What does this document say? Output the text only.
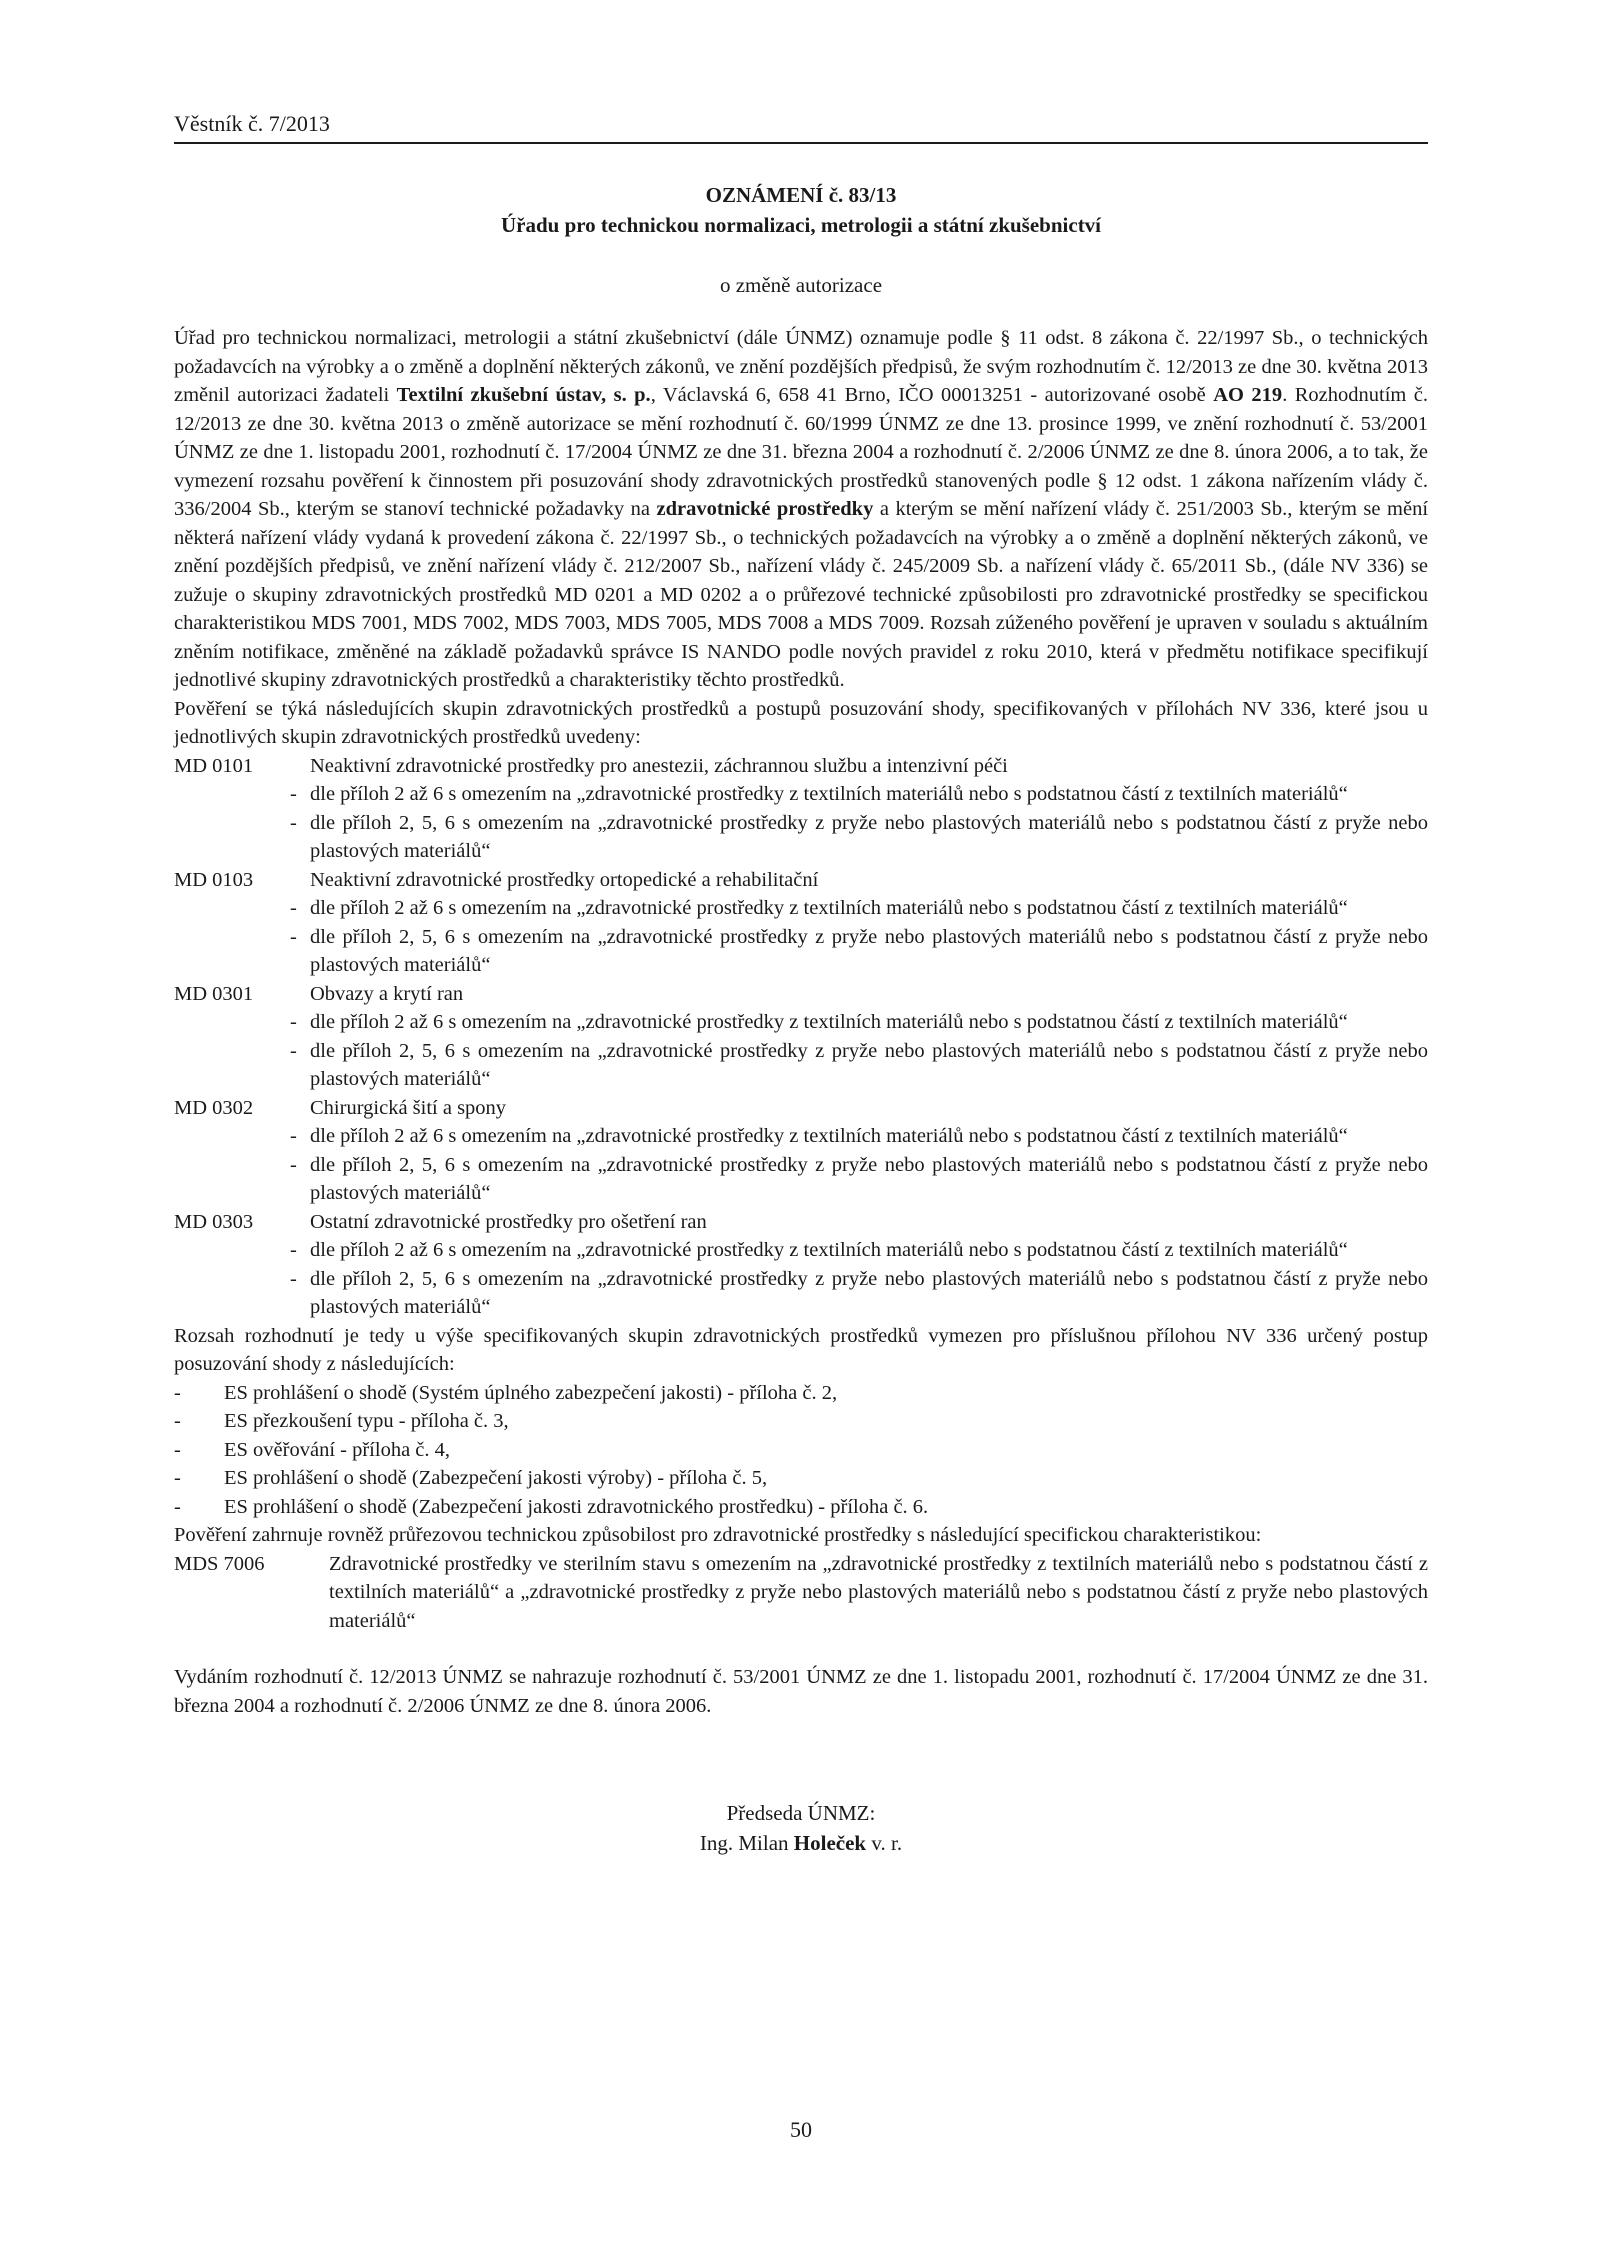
Věstník č. 7/2013
OZNÁMENÍ č. 83/13
Úřadu pro technickou normalizaci, metrologii a státní zkušebnictví
o změně autorizace

Úřad pro technickou normalizaci, metrologii a státní zkušebnictví (dále ÚNMZ) oznamuje podle § 11 odst. 8 zákona č. 22/1997 Sb., o technických požadavcích na výrobky a o změně a doplnění některých zákonů, ve znění pozdějších předpisů, že svým rozhodnutím č. 12/2013 ze dne 30. května 2013 změnil autorizaci žadateli Textilní zkušební ústav, s. p., Václavská 6, 658 41 Brno, IČO 00013251 - autorizované osobě AO 219. Rozhodnutím č. 12/2013 ze dne 30. května 2013 o změně autorizace se mění rozhodnutí č. 60/1999 ÚNMZ ze dne 13. prosince 1999, ve znění rozhodnutí č. 53/2001 ÚNMZ ze dne 1. listopadu 2001, rozhodnutí č. 17/2004 ÚNMZ ze dne 31. března 2004 a rozhodnutí č. 2/2006 ÚNMZ ze dne 8. února 2006, a to tak, že vymezení rozsahu pověření k činnostem při posuzování shody zdravotnických prostředků stanovených podle § 12 odst. 1 zákona nařízením vlády č. 336/2004 Sb., kterým se stanoví technické požadavky na zdravotnické prostředky a kterým se mění nařízení vlády č. 251/2003 Sb., kterým se mění některá nařízení vlády vydaná k provedení zákona č. 22/1997 Sb., o technických požadavcích na výrobky a o změně a doplnění některých zákonů, ve znění pozdějších předpisů, ve znění nařízení vlády č. 212/2007 Sb., nařízení vlády č. 245/2009 Sb. a nařízení vlády č. 65/2011 Sb., (dále NV 336) se zužuje o skupiny zdravotnických prostředků MD 0201 a MD 0202 a o průřezové technické způsobilosti pro zdravotnické prostředky se specifickou charakteristikou MDS 7001, MDS 7002, MDS 7003, MDS 7005, MDS 7008 a MDS 7009. Rozsah zúženého pověření je upraven v souladu s aktuálním zněním notifikace, změněné na základě požadavků správce IS NANDO podle nových pravidel z roku 2010, která v předmětu notifikace specifikují jednotlivé skupiny zdravotnických prostředků a charakteristiky těchto prostředků.

Pověření se týká následujících skupin zdravotnických prostředků a postupů posuzování shody, specifikovaných v přílohách NV 336, které jsou u jednotlivých skupin zdravotnických prostředků uvedeny:

MD 0101	Neaktivní zdravotnické prostředky pro anestezii, záchrannou službu a intenzivní péči
- dle příloh 2 až 6 s omezením na „zdravotnické prostředky z textilních materiálů nebo s podstatnou částí z textilních materiálů“
- dle příloh 2, 5, 6 s omezením na „zdravotnické prostředky z pryže nebo plastových materiálů nebo s podstatnou částí z pryže nebo plastových materiálů“
MD 0103	Neaktivní zdravotnické prostředky ortopedické a rehabilitační
- dle příloh 2 až 6 s omezením na „zdravotnické prostředky z textilních materiálů nebo s podstatnou částí z textilních materiálů“
- dle příloh 2, 5, 6 s omezením na „zdravotnické prostředky z pryže nebo plastových materiálů nebo s podstatnou částí z pryže nebo plastových materiálů“
MD 0301	Obvazy a krytí ran
- dle příloh 2 až 6 s omezením na „zdravotnické prostředky z textilních materiálů nebo s podstatnou částí z textilních materiálů“
- dle příloh 2, 5, 6 s omezením na „zdravotnické prostředky z pryže nebo plastových materiálů nebo s podstatnou částí z pryže nebo plastových materiálů“
MD 0302	Chirurgická šití a spony
- dle příloh 2 až 6 s omezením na „zdravotnické prostředky z textilních materiálů nebo s podstatnou částí z textilních materiálů“
- dle příloh 2, 5, 6 s omezením na „zdravotnické prostředky z pryže nebo plastových materiálů nebo s podstatnou částí z pryže nebo plastových materiálů“
MD 0303	Ostatní zdravotnické prostředky pro ošetření ran
- dle příloh 2 až 6 s omezením na „zdravotnické prostředky z textilních materiálů nebo s podstatnou částí z textilních materiálů“
- dle příloh 2, 5, 6 s omezením na „zdravotnické prostředky z pryže nebo plastových materiálů nebo s podstatnou částí z pryže nebo plastových materiálů“

Rozsah rozhodnutí je tedy u výše specifikovaných skupin zdravotnických prostředků vymezen pro příslušnou přílohou NV 336 určený postup posuzování shody z následujících:

-	ES prohlášení o shodě (Systém úplného zabezpečení jakosti) - příloha č. 2,
-	ES přezkoušení typu - příloha č. 3,
-	ES ověřování - příloha č. 4,
-	ES prohlášení o shodě (Zabezpečení jakosti výroby) - příloha č. 5,
-	ES prohlášení o shodě (Zabezpečení jakosti zdravotnického prostředku) - příloha č. 6.

Pověření zahrnuje rovněž průřezovou technickou způsobilost pro zdravotnické prostředky s následující specifickou charakteristikou:

MDS 7006	Zdravotnické prostředky ve sterilním stavu s omezením na „zdravotnické prostředky z textilních materiálů nebo s podstatnou částí z textilních materiálů“ a „zdravotnické prostředky z pryže nebo plastových materiálů nebo s podstatnou částí z pryže nebo plastových materiálů“

Vydáním rozhodnutí č. 12/2013 ÚNMZ se nahrazuje rozhodnutí č. 53/2001 ÚNMZ ze dne 1. listopadu 2001, rozhodnutí č. 17/2004 ÚNMZ ze dne 31. března 2004 a rozhodnutí č. 2/2006 ÚNMZ ze dne 8. února 2006.

Předseda ÚNMZ:
Ing. Milan Holeček v. r.
50
